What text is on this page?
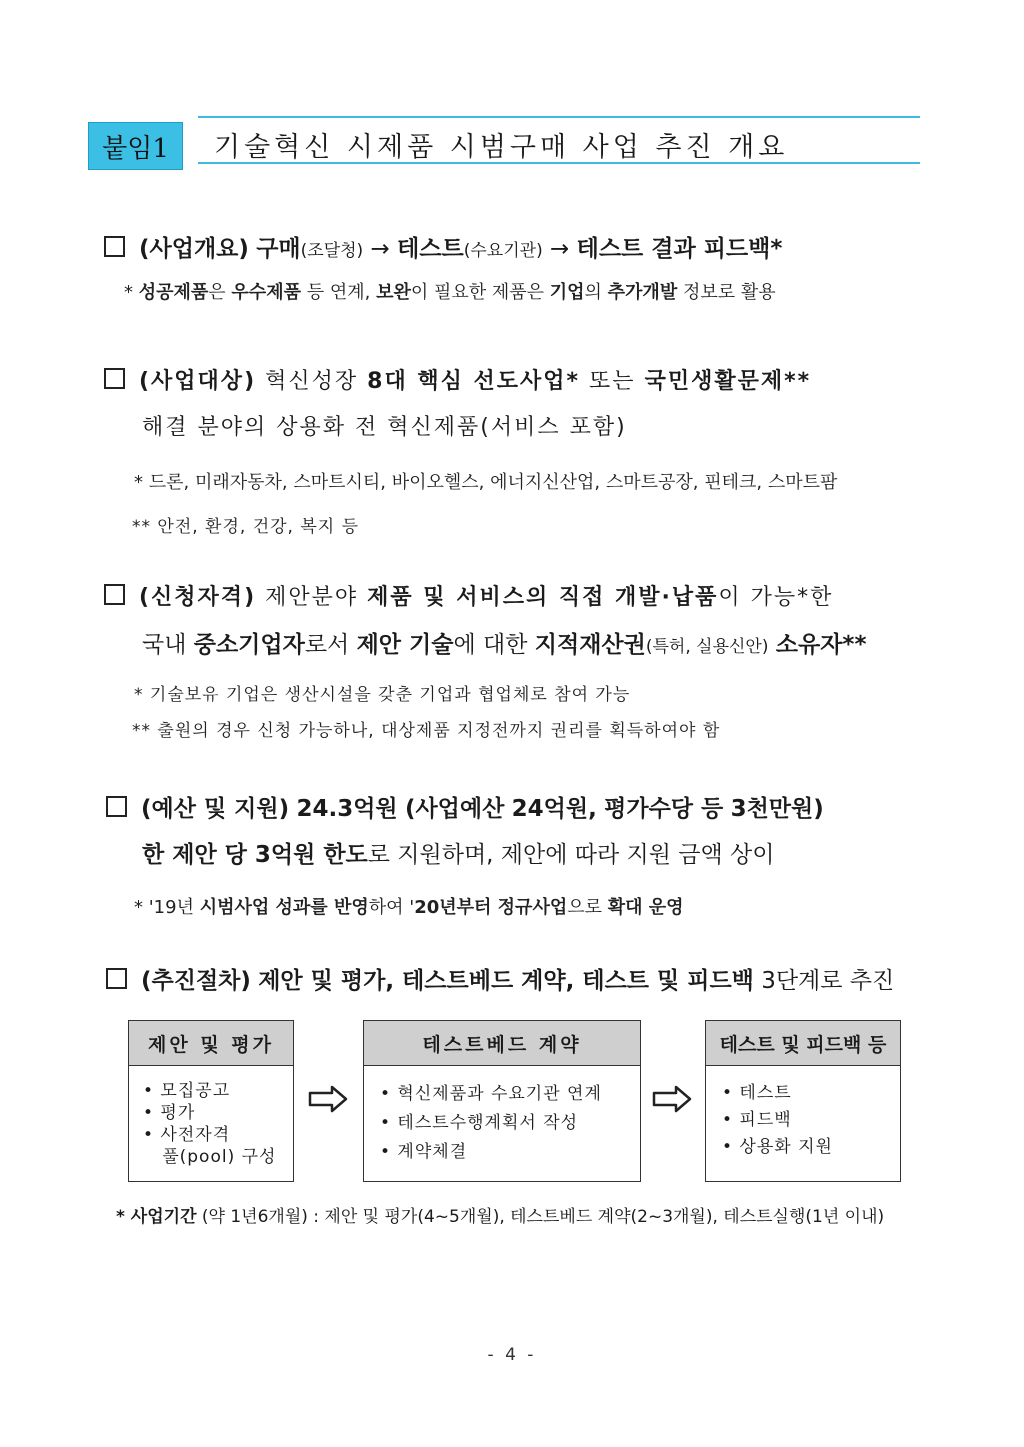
붙임1	기술혁신 시제품 시범구매 사업 추진 개요
(사업개요) 구매(조달청) → 테스트(수요기관) → 테스트 결과 피드백*
* 성공제품은 우수제품 등 연계, 보완이 필요한 제품은 기업의 추가개발 정보로 활용
(사업대상) 혁신성장 8대 핵심 선도사업* 또는 국민생활문제**
해결 분야의 상용화 전 혁신제품(서비스 포함)
* 드론, 미래자동차, 스마트시티, 바이오헬스, 에너지신산업, 스마트공장, 핀테크, 스마트팜
** 안전, 환경, 건강, 복지 등
(신청자격) 제안분야 제품 및 서비스의 직접 개발·납품이 가능*한
국내 중소기업자로서 제안 기술에 대한 지적재산권(특허, 실용신안) 소유자**
* 기술보유 기업은 생산시설을 갖춘 기업과 협업체로 참여 가능
** 출원의 경우 신청 가능하나, 대상제품 지정전까지 권리를 획득하여야 함
(예산 및 지원) 24.3억원 (사업예산 24억원, 평가수당 등 3천만원)
한 제안 당 3억원 한도로 지원하며, 제안에 따라 지원 금액 상이
* '19년 시범사업 성과를 반영하여 '20년부터 정규사업으로 확대 운영
(추진절차) 제안 및 평가, 테스트베드 계약, 테스트 및 피드백 3단계로 추진
제안 및 평가
• 모집공고
• 평가
• 사전자격
풀(pool) 구성
테스트베드 계약
• 혁신제품과 수요기관 연계
• 테스트수행계획서 작성
• 계약체결
테스트 및 피드백 등
• 테스트
• 피드백
• 상용화 지원
* 사업기간 (약 1년6개월) : 제안 및 평가(4~5개월), 테스트베드 계약(2~3개월), 테스트실행(1년 이내)
- 4 -
